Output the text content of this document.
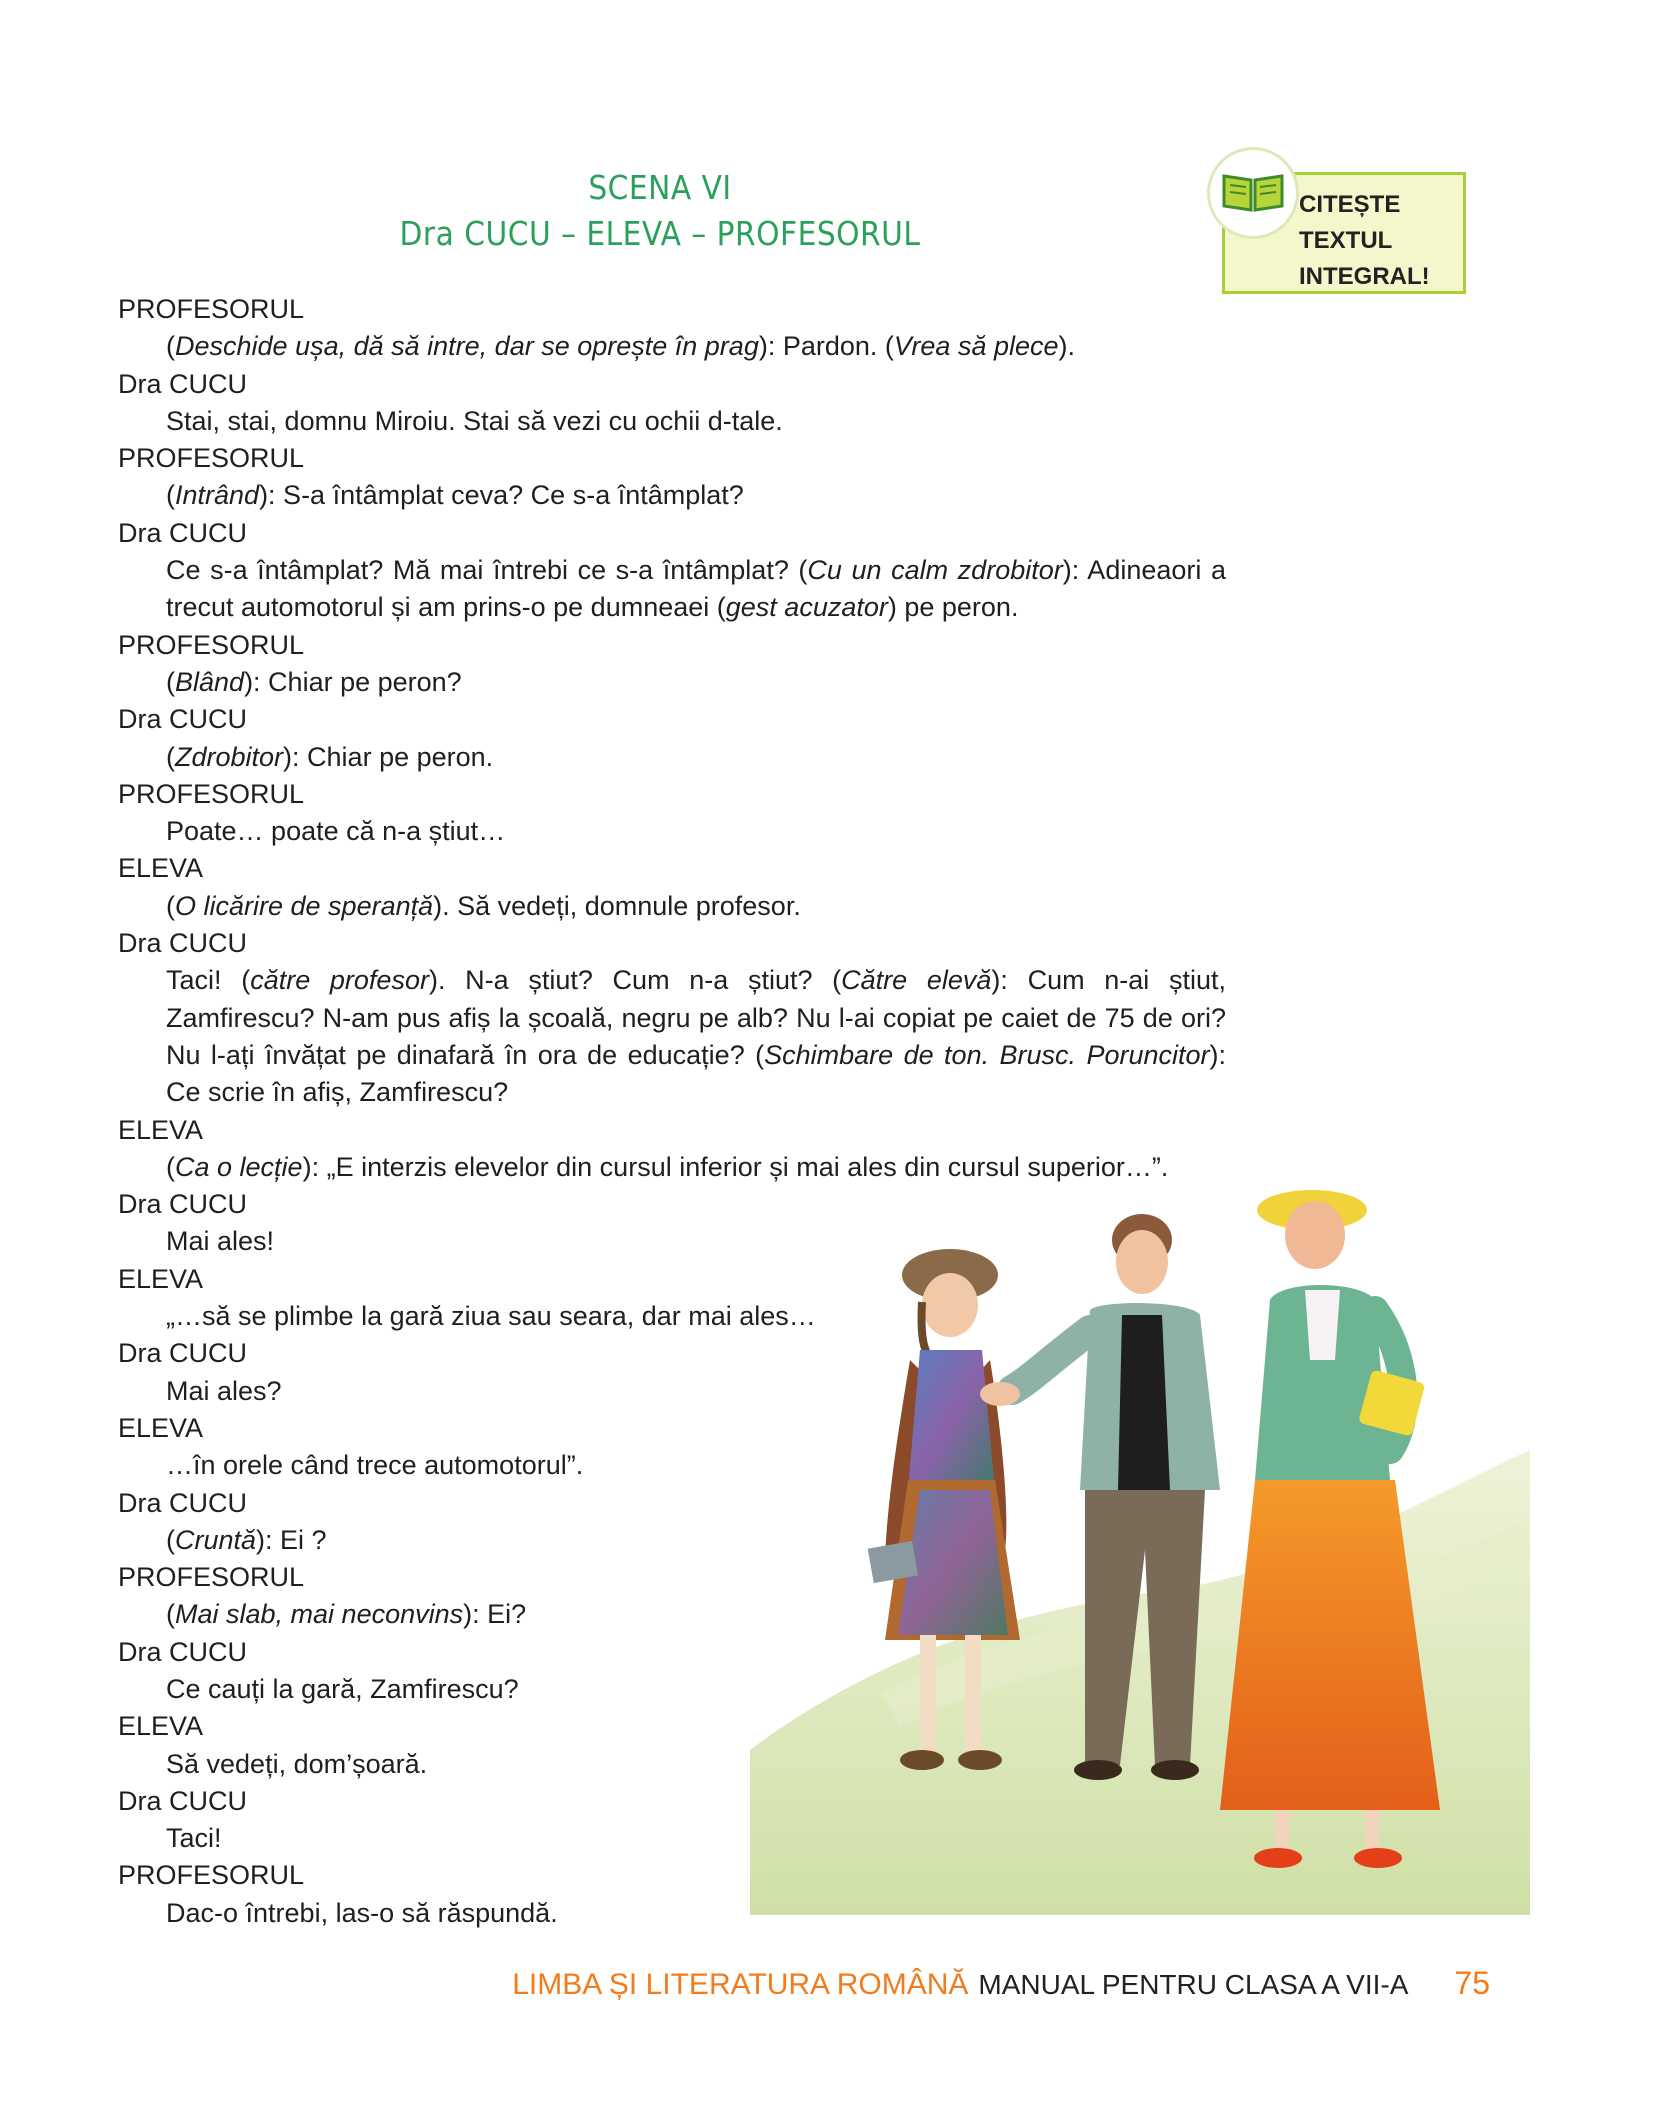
SCENA VI
Dra CUCU – ELEVA – PROFESORUL
CITEȘTE
TEXTUL
INTEGRAL!
PROFESORUL
(Deschide ușa, dă să intre, dar se oprește în prag): Pardon. (Vrea să plece).
Dra CUCU
Stai, stai, domnu Miroiu. Stai să vezi cu ochii d-tale.
PROFESORUL
(Intrând): S-a întâmplat ceva? Ce s-a întâmplat?
Dra CUCU
Ce s-a întâmplat? Mă mai întrebi ce s-a întâmplat? (Cu un calm zdrobitor): Adineaori a trecut automotorul și am prins-o pe dumneaei (gest acuzator) pe peron.
PROFESORUL
(Blând): Chiar pe peron?
Dra CUCU
(Zdrobitor): Chiar pe peron.
PROFESORUL
Poate… poate că n-a știut…
ELEVA
(O licărire de speranță). Să vedeți, domnule profesor.
Dra CUCU
Taci! (către profesor). N-a știut? Cum n-a știut? (Către elevă): Cum n-ai știut, Zamfirescu? N-am pus afiș la școală, negru pe alb? Nu l-ai copiat pe caiet de 75 de ori? Nu l-ați învățat pe dinafară în ora de educație? (Schimbare de ton. Brusc. Poruncitor): Ce scrie în afiș, Zamfirescu?
ELEVA
(Ca o lecție): „E interzis elevelor din cursul inferior și mai ales din cursul superior…”.
Dra CUCU
Mai ales!
ELEVA
„…să se plimbe la gară ziua sau seara, dar mai ales…
Dra CUCU
Mai ales?
ELEVA
…în orele când trece automotorul”.
Dra CUCU
(Cruntă): Ei ?
PROFESORUL
(Mai slab, mai neconvins): Ei?
Dra CUCU
Ce cauți la gară, Zamfirescu?
ELEVA
Să vedeți, dom’șoară.
Dra CUCU
Taci!
PROFESORUL
Dac-o întrebi, las-o să răspundă.
LIMBA ȘI LITERATURA ROMÂNĂ MANUAL PENTRU CLASA A VII-A 75
